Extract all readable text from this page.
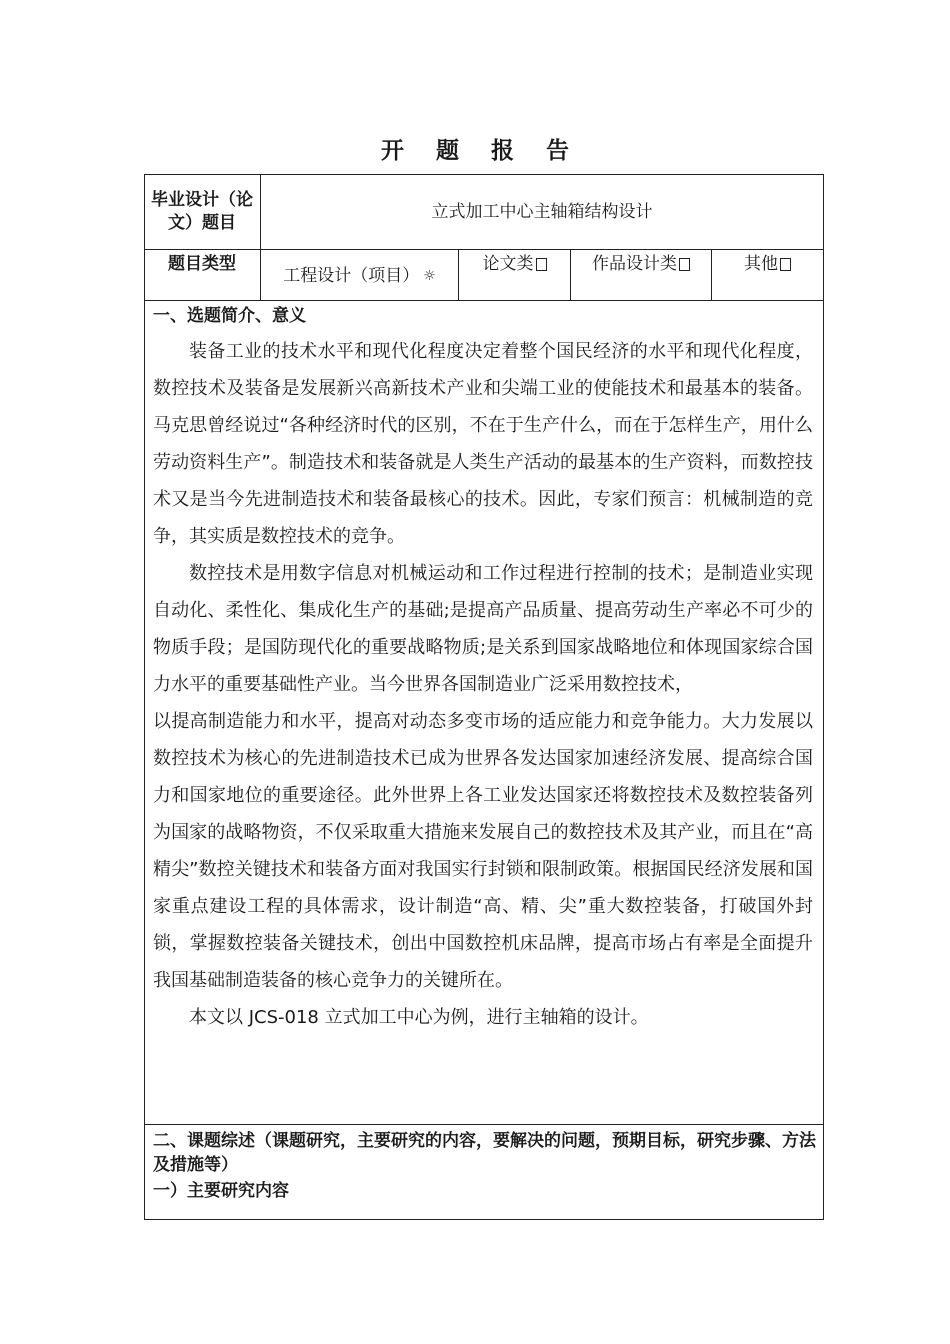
开 题 报 告
毕业设计（论文）题目
立式加工中心主轴箱结构设计
题目类型
工程设计（项目） ☼
论文类	作品设计类	其他
一、选题简介、意义

装备工业的技术水平和现代化程度决定着整个国民经济的水平和现代化程度，数控技术及装备是发展新兴高新技术产业和尖端工业的使能技术和最基本的装备。马克思曾经说过“各种经济时代的区别，不在于生产什么，而在于怎样生产，用什么劳动资料生产”。制造技术和装备就是人类生产活动的最基本的生产资料，而数控技术又是当今先进制造技术和装备最核心的技术。因此，专家们预言：机械制造的竞争，其实质是数控技术的竞争。

数控技术是用数字信息对机械运动和工作过程进行控制的技术；是制造业实现自动化、柔性化、集成化生产的基础;是提高产品质量、提高劳动生产率必不可少的物质手段；是国防现代化的重要战略物质;是关系到国家战略地位和体现国家综合国力水平的重要基础性产业。当今世界各国制造业广泛采用数控技术，

以提高制造能力和水平，提高对动态多变市场的适应能力和竞争能力。大力发展以数控技术为核心的先进制造技术已成为世界各发达国家加速经济发展、提高综合国力和国家地位的重要途径。此外世界上各工业发达国家还将数控技术及数控装备列为国家的战略物资，不仅采取重大措施来发展自己的数控技术及其产业，而且在“高精尖”数控关键技术和装备方面对我国实行封锁和限制政策。根据国民经济发展和国家重点建设工程的具体需求，设计制造“高、精、尖”重大数控装备，打破国外封锁，掌握数控装备关键技术，创出中国数控机床品牌，提高市场占有率是全面提升我国基础制造装备的核心竞争力的关键所在。

本文以 JCS-018 立式加工中心为例，进行主轴箱的设计。

二、课题综述（课题研究，主要研究的内容，要解决的问题，预期目标，研究步骤、方法及措施等）
一）主要研究内容
